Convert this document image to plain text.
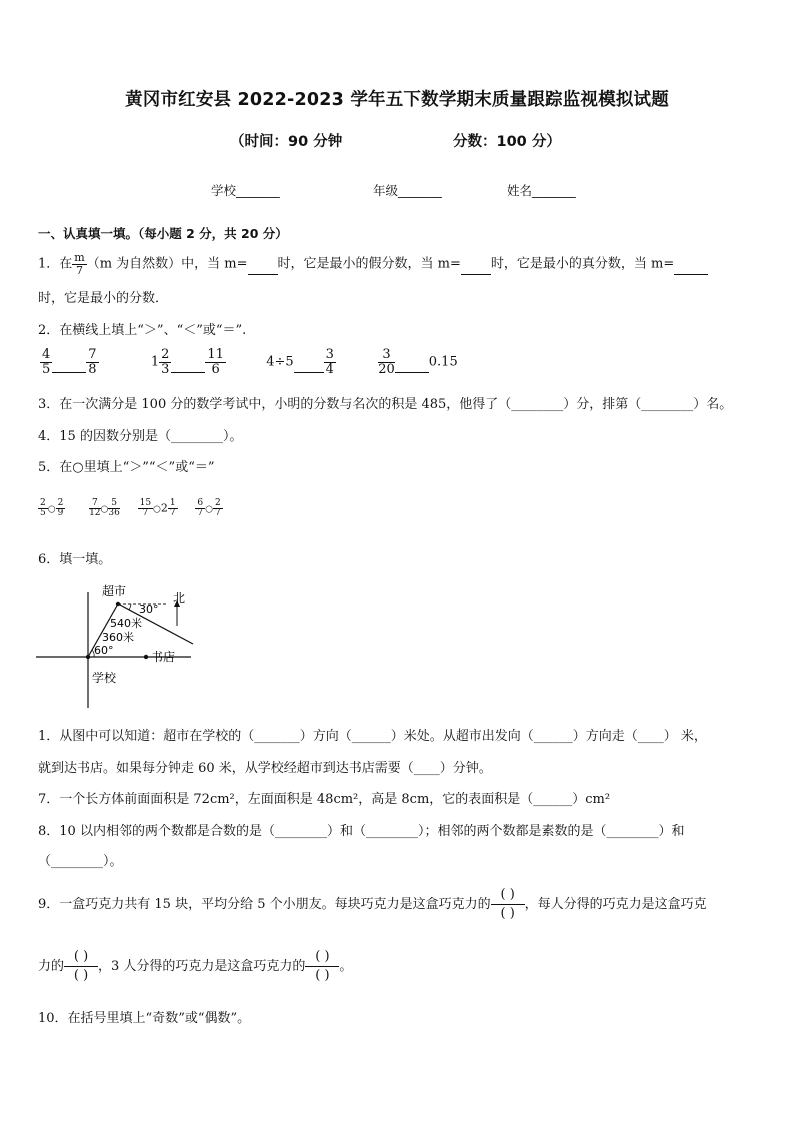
黄冈市红安县 2022-2023 学年五下数学期末质量跟踪监视模拟试题
（时间：90 分钟	分数：100 分）
学校_______	年级_______	姓名_______
一、认真填一填。（每小题 2 分，共 20 分）
1．在 $\frac{m}{7} (m$ 为自然数）中，当 m= 时，它是最小的假分数，当 m= 时，它是最小的真分数，当 m=
时，它是最小的分数．
2．在横线上填上“＞”、“＜”或“＝”.
$\frac{4}{5}$
	$\frac{7}{8}$	$1 \frac{2}{3}$
	$\frac{11}{6}$	$4\div 5 \frac{3}{4}$
	$\frac{3}{20}$	0.15
3．在一次满分是 100 分的数学考试中，小明的分数与名次的积是 485，他得了（________）分，排第（________）名。
4．15 的因数分别是（________）。
5．在○里填上“＞”“＜”或“＝”
$\frac{2}{5}$ ○ $\frac{2}{9}$
	$\frac{7}{12}$ ○ $\frac{5}{36}$
$\frac{15}{7}$ ○2 $\frac{1}{7}$
$\frac{6}{7}$ ○ $\frac{2}{7}$
6．填一填。
超市	北
30°
540米
360米
60°	书店
学校
1．从图中可以知道：超市在学校的（_______）方向（______）米处。从超市出发向（______）方向走（____） 米，
就到达书店。如果每分钟走 60 米，从学校经超市到达书店需要（____）分钟。
7．一个长方体前面面积是 72cm²，左面面积是 48cm²，高是 8cm，它的表面积是（______）cm²
8．10 以内相邻的两个数都是合数的是（________）和（________）；相邻的两个数都是素数的是（________）和
（________）。
9．一盒巧克力共有 15 块，平均分给 5 个小朋友。每块巧克力是这盒巧克力的
( )
( )
，每人分得的巧克力是这盒巧克
力的
( )
( )
，3 人分得的巧克力是这盒巧克力的
( )
( )
。
10．在括号里填上“奇数”或“偶数”。
